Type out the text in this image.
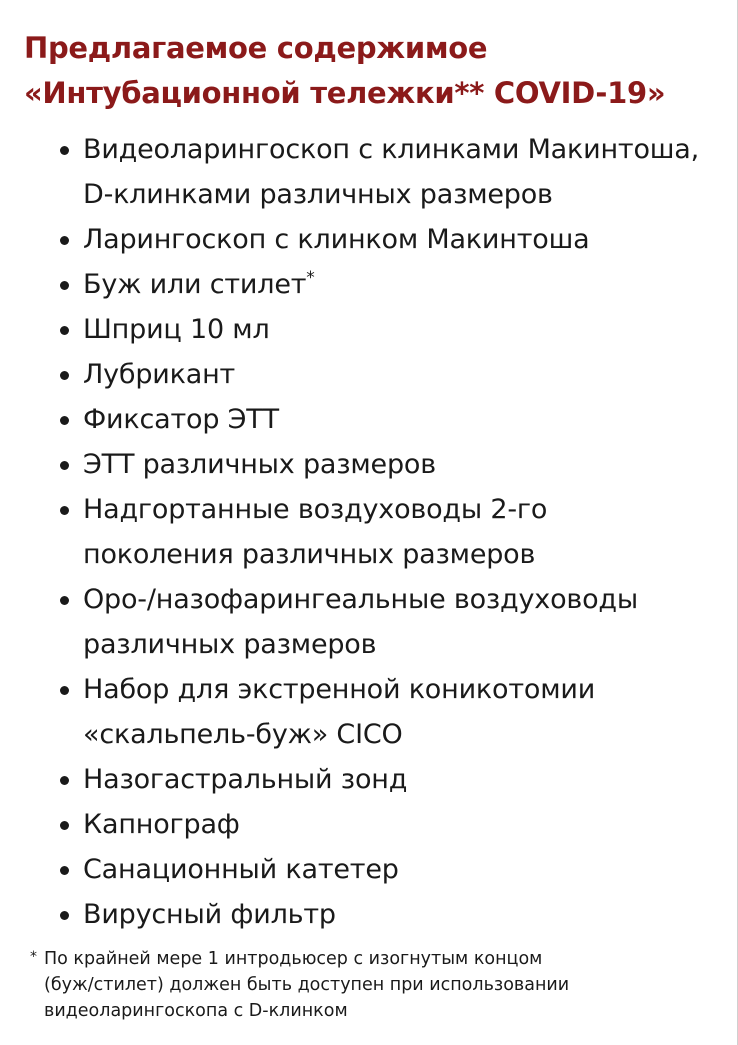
Предлагаемое содержимое
«Интубационной тележки** COVID-19»
Видеоларингоскоп с клинками Макинтоша,
D-клинками различных размеров
Ларингоскоп с клинком Макинтоша
Буж или стилет*
Шприц 10 мл
Лубрикант
Фиксатор ЭТТ
ЭТТ различных размеров
Надгортанные воздуховоды 2-го
поколения различных размеров
Оро-/назофарингеальные воздуховоды
различных размеров
Набор для экстренной коникотомии
«скальпель-буж» CICO
Назогастральный зонд
Капнограф
Санационный катетер
Вирусный фильтр
* По крайней мере 1 интродьюсер с изогнутым концом
(буж/стилет) должен быть доступен при использовании
видеоларингоскопа с D-клинком
